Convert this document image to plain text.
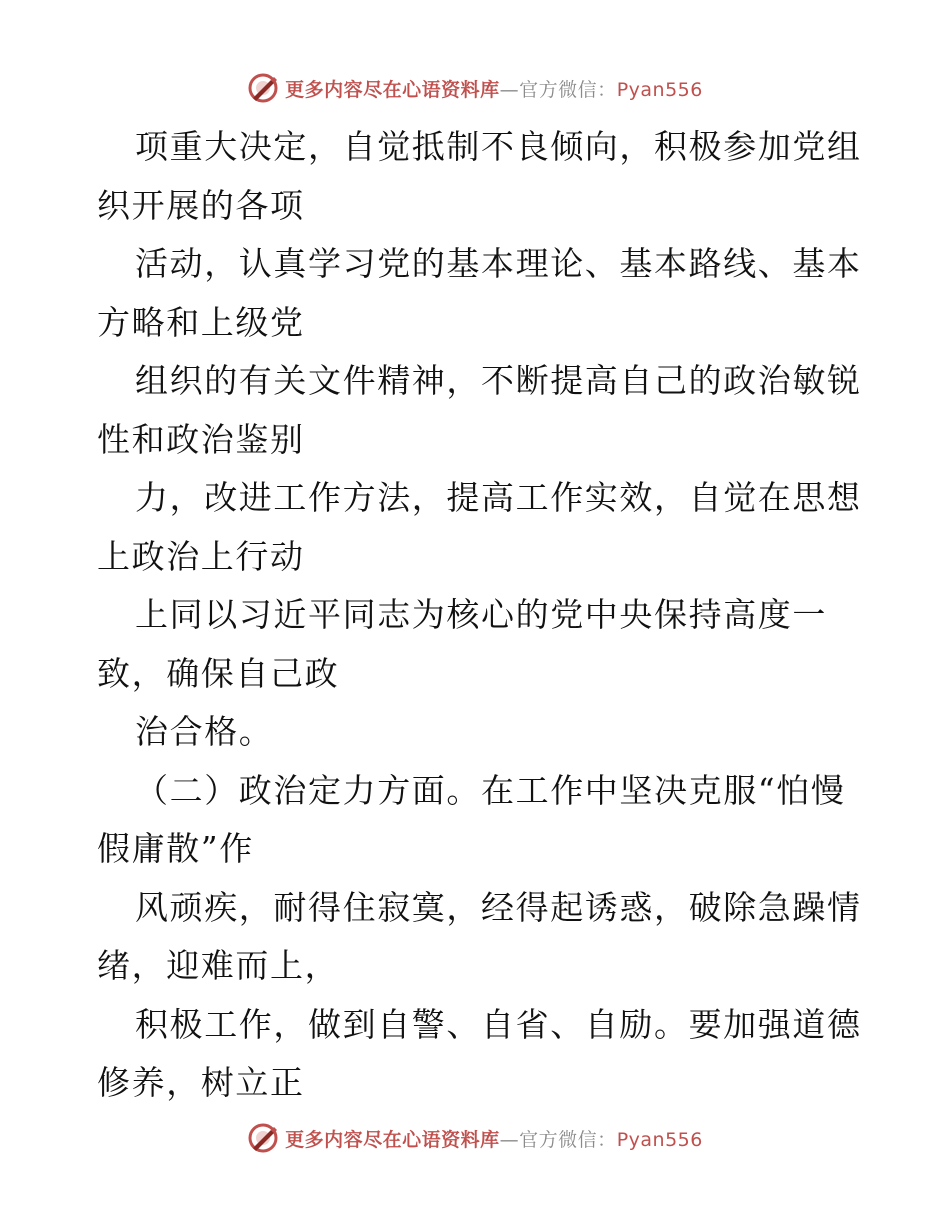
更多内容尽在心语资料库—官方微信：Pyan556
项重大决定，自觉抵制不良倾向，积极参加党组
织开展的各项
活动，认真学习党的基本理论、基本路线、基本
方略和上级党
组织的有关文件精神，不断提高自己的政治敏锐
性和政治鉴别
力，改进工作方法，提高工作实效，自觉在思想
上政治上行动
上同以习近平同志为核心的党中央保持高度一
致，确保自己政
治合格。
（二）政治定力方面。在工作中坚决克服“怕慢
假庸散”作
风顽疾，耐得住寂寞，经得起诱惑，破除急躁情
绪，迎难而上，
积极工作，做到自警、自省、自励。要加强道德
修养，树立正
更多内容尽在心语资料库—官方微信：Pyan556
